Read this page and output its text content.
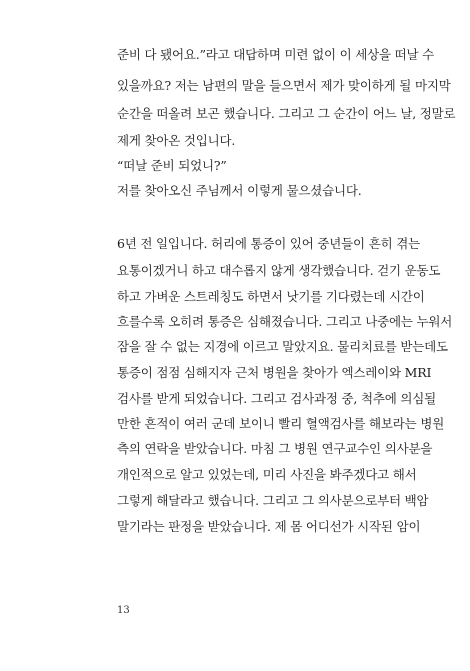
준비 다 됐어요.”라고 대답하며 미련 없이 이 세상을 떠날 수
있을까요? 저는 남편의 말을 들으면서 제가 맞이하게 될 마지막
순간을 떠올려 보곤 했습니다. 그리고 그 순간이 어느 날, 정말로
제게 찾아온 것입니다.
“떠날 준비 되었니?”
저를 찾아오신 주님께서 이렇게 물으셨습니다.
6년 전 일입니다. 허리에 통증이 있어 중년들이 흔히 겪는
요통이겠거니 하고 대수롭지 않게 생각했습니다. 걷기 운동도
하고 가벼운 스트레칭도 하면서 낫기를 기다렸는데 시간이
흐를수록 오히려 통증은 심해졌습니다. 그리고 나중에는 누워서
잠을 잘 수 없는 지경에 이르고 말았지요. 물리치료를 받는데도
통증이 점점 심해지자 근처 병원을 찾아가 엑스레이와 MRI
검사를 받게 되었습니다. 그리고 검사과정 중, 척추에 의심될
만한 흔적이 여러 군데 보이니 빨리 혈액검사를 해보라는 병원
측의 연락을 받았습니다. 마침 그 병원 연구교수인 의사분을
개인적으로 알고 있었는데, 미리 사진을 봐주겠다고 해서
그렇게 해달라고 했습니다. 그리고 그 의사분으로부터 백암
말기라는 판정을 받았습니다. 제 몸 어디선가 시작된 암이
13
